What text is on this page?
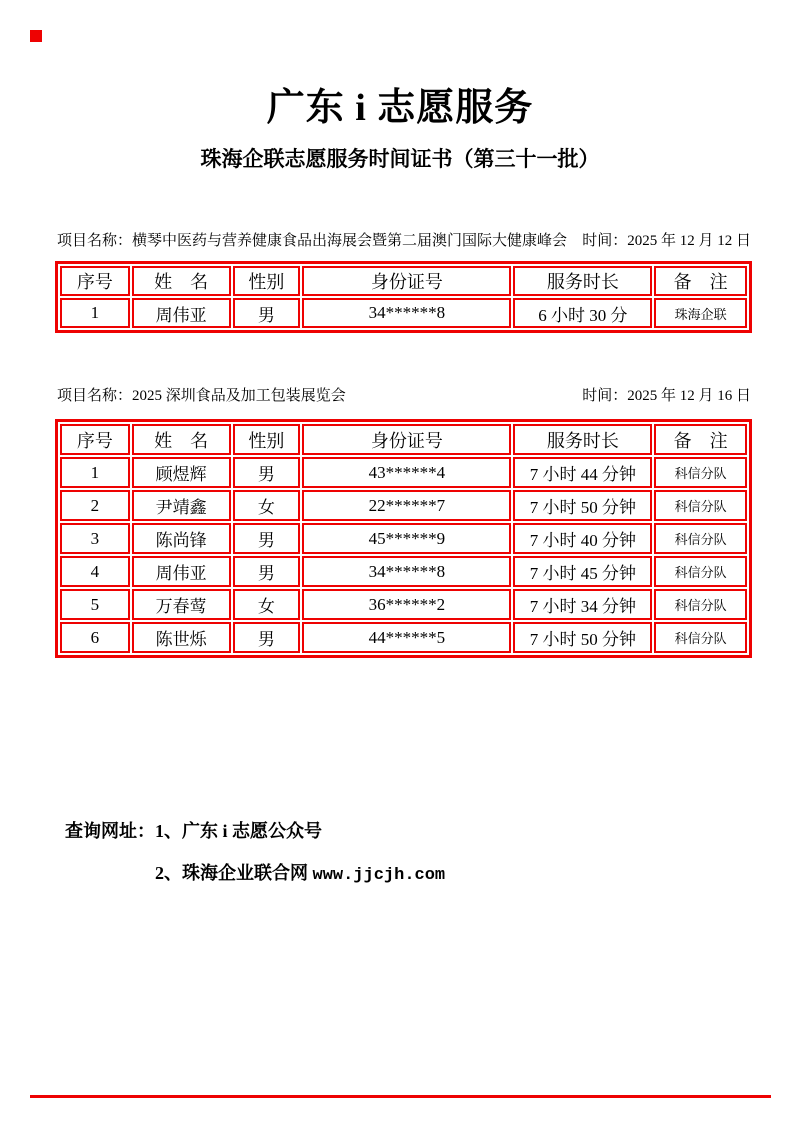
广东 i 志愿服务
珠海企联志愿服务时间证书（第三十一批）
项目名称：横琴中医药与营养健康食品出海展会暨第二届澳门国际大健康峰会 时间：2025 年 12 月 12 日
序号	姓　名	性别	身份证号	服务时长	备　注
1	周伟亚	男	34******8	6 小时 30 分	珠海企联
项目名称：2025 深圳食品及加工包装展览会	时间：2025 年 12 月 16 日
序号	姓　名	性别	身份证号	服务时长	备　注
1	顾煜辉	男	43******4	7 小时 44 分钟	科信分队
2	尹靖鑫	女	22******7	7 小时 50 分钟	科信分队
3	陈尚锋	男	45******9	7 小时 40 分钟	科信分队
4	周伟亚	男	34******8	7 小时 45 分钟	科信分队
5	万春莺	女	36******2	7 小时 34 分钟	科信分队
6	陈世烁	男	44******5	7 小时 50 分钟	科信分队
查询网址：1、广东 i 志愿公众号
2、珠海企业联合网 www.jjcjh.com
